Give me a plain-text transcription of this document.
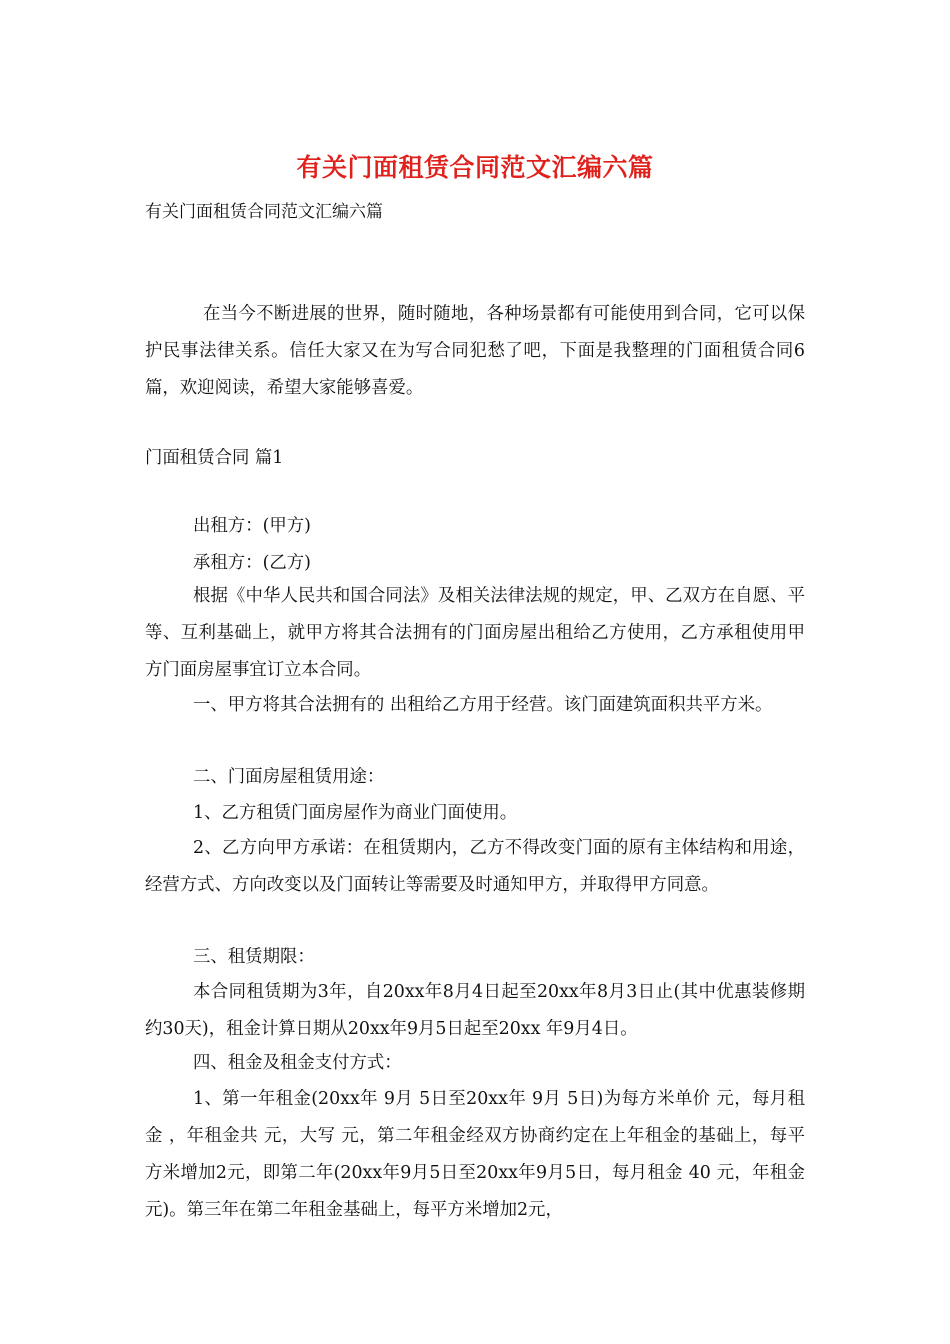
有关门面租赁合同范文汇编六篇

有关门面租赁合同范文汇编六篇

在当今不断进展的世界，随时随地，各种场景都有可能使用到合同，它可以保护民事法律关系。信任大家又在为写合同犯愁了吧，下面是我整理的门面租赁合同6篇，欢迎阅读，希望大家能够喜爱。

门面租赁合同 篇1

出租方：(甲方)

承租方：(乙方)

根据《中华人民共和国合同法》及相关法律法规的规定，甲、乙双方在自愿、平等、互利基础上，就甲方将其合法拥有的门面房屋出租给乙方使用，乙方承租使用甲方门面房屋事宜订立本合同。

一、甲方将其合法拥有的 出租给乙方用于经营。该门面建筑面积共平方米。

二、门面房屋租赁用途：

1、乙方租赁门面房屋作为商业门面使用。

2、乙方向甲方承诺：在租赁期内，乙方不得改变门面的原有主体结构和用途，经营方式、方向改变以及门面转让等需要及时通知甲方，并取得甲方同意。

三、租赁期限：

本合同租赁期为3年，自20xx年8月4日起至20xx年8月3日止(其中优惠装修期约30天)，租金计算日期从20xx年9月5日起至20xx 年9月4日。

四、租金及租金支付方式：

1、第一年租金(20xx年 9月 5日至20xx年 9月 5日)为每方米单价 元，每月租金 ，年租金共 元，大写 元，第二年租金经双方协商约定在上年租金的基础上，每平方米增加2元，即第二年(20xx年9月5日至20xx年9月5日，每月租金 40 元，年租金 元)。第三年在第二年租金基础上，每平方米增加2元，
